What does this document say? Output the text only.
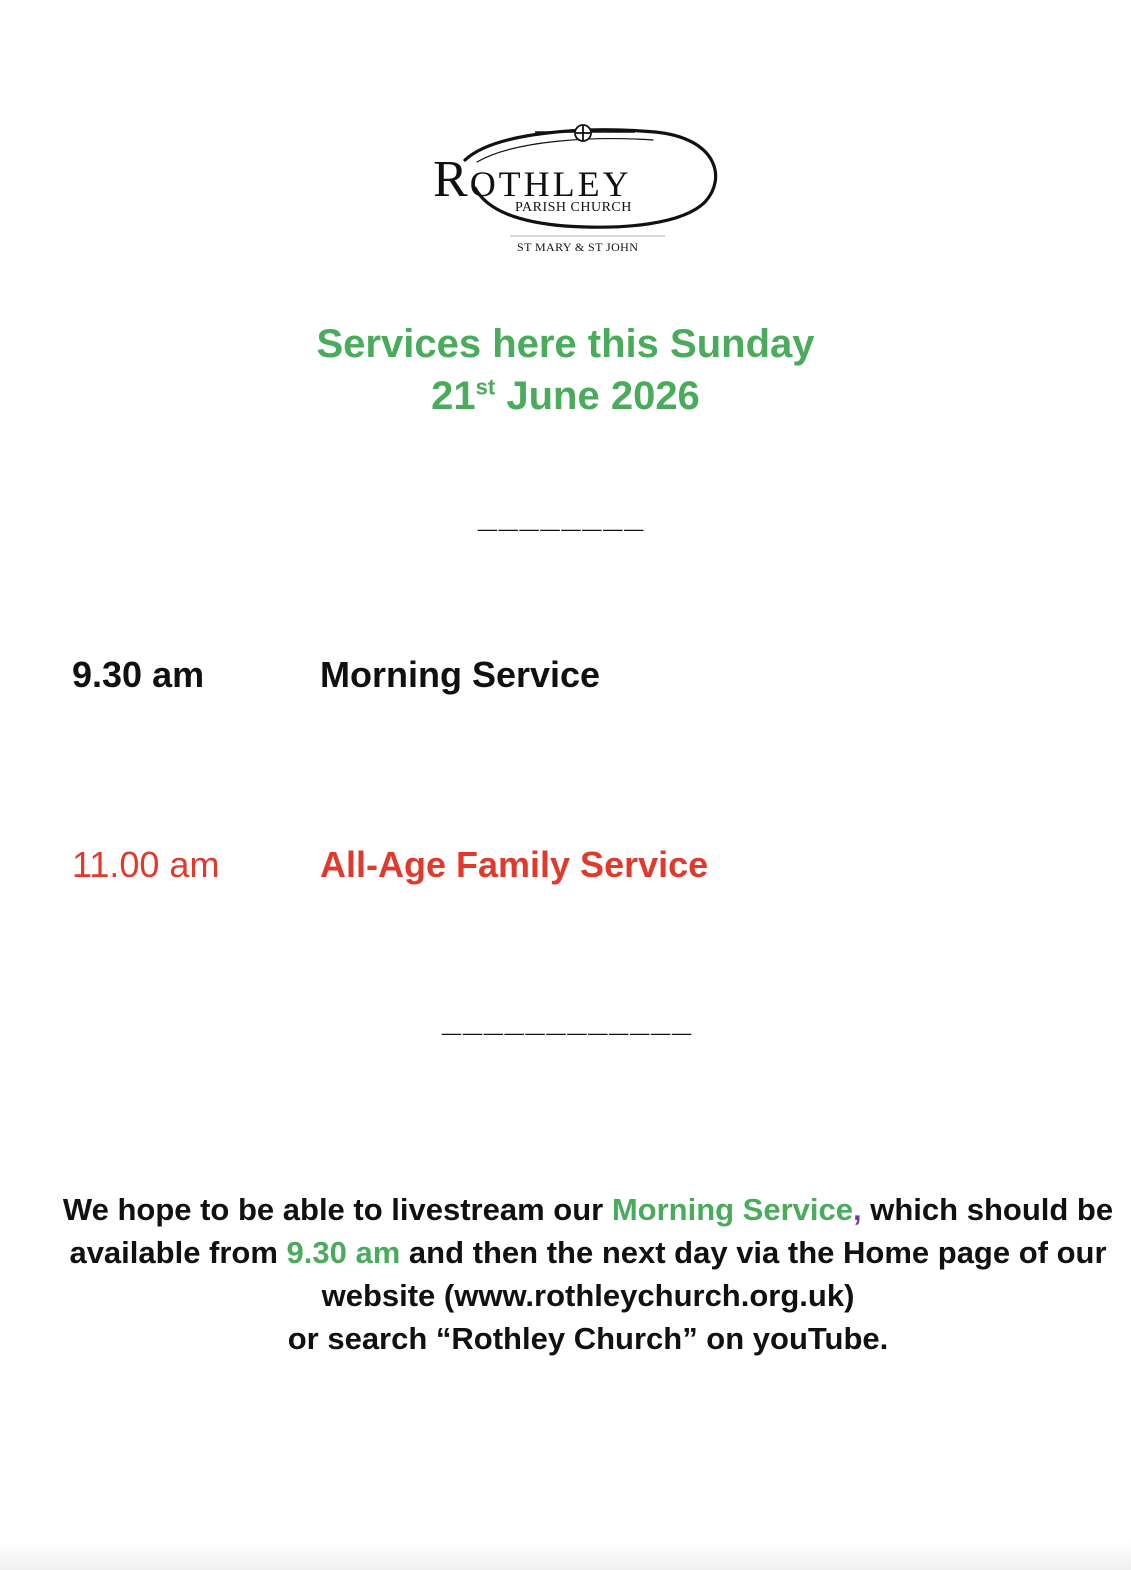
ROTHLEY
PARISH CHURCH
ST MARY & ST JOHN
Services here this Sunday
21st June 2026
________
9.30 am	Morning Service
11.00 am	All-Age Family Service
____________
We hope to be able to livestream our Morning Service, which should be available from 9.30 am and then the next day via the Home page of our website (www.rothleychurch.org.uk)
or search “Rothley Church” on youTube.
